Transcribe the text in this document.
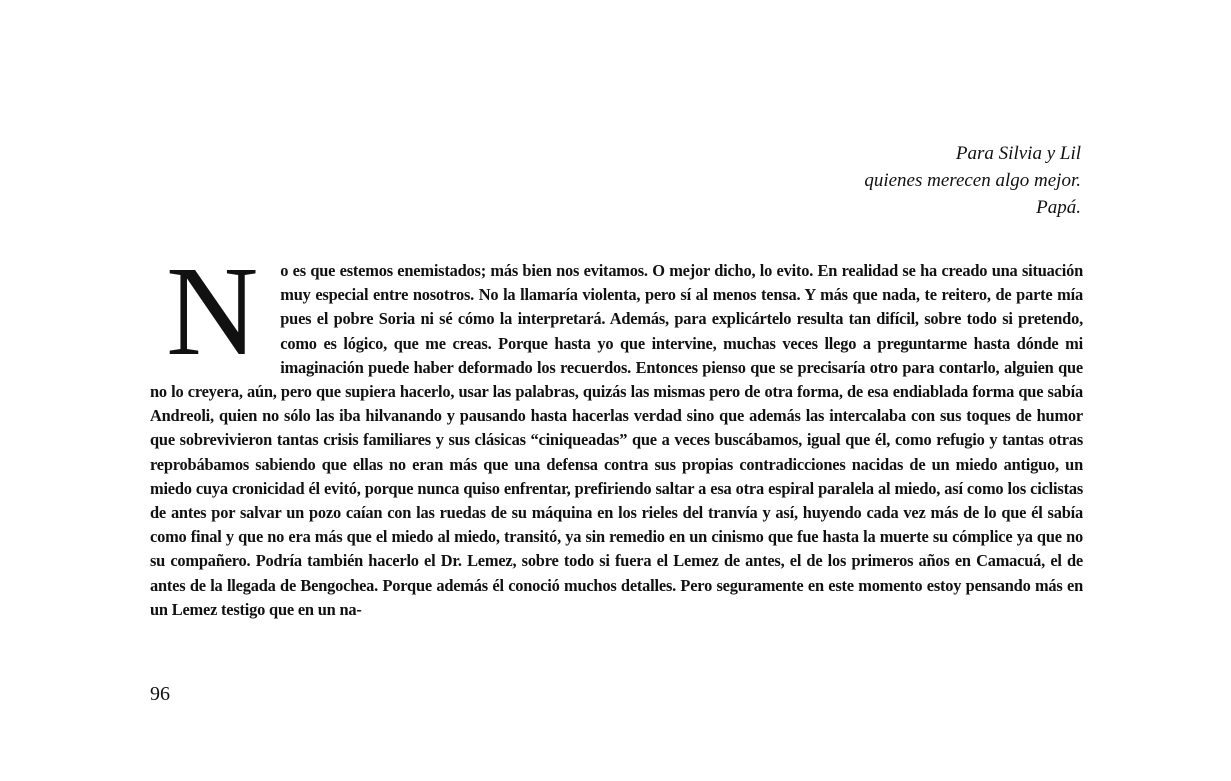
Para Silvia y Lil
quienes merecen algo mejor.
Papá.
N o es que estemos enemistados; más bien nos evitamos. O mejor dicho, lo evito. En realidad se ha creado una situación muy especial entre nosotros. No la llamaría violenta, pero sí al menos tensa. Y más que nada, te reitero, de parte mía pues el pobre Soria ni sé cómo la interpretará. Además, para explicártelo resulta tan difícil, sobre todo si pretendo, como es lógico, que me creas. Porque hasta yo que intervine, muchas veces llego a preguntarme hasta dónde mi imaginación puede haber deformado los recuerdos. Entonces pienso que se precisaría otro para contarlo, alguien que no lo creyera, aún, pero que supiera hacerlo, usar las palabras, quizás las mismas pero de otra forma, de esa endiablada forma que sabía Andreoli, quien no sólo las iba hilvanando y pausando hasta hacerlas verdad sino que además las intercalaba con sus toques de humor que sobrevivieron tantas crisis familiares y sus clásicas “ciniqueadas” que a veces buscábamos, igual que él, como refugio y tantas otras reprobábamos sabiendo que ellas no eran más que una defensa contra sus propias contradicciones nacidas de un miedo antiguo, un miedo cuya cronicidad él evitó, porque nunca quiso enfrentar, prefiriendo saltar a esa otra espiral paralela al miedo, así como los ciclistas de antes por salvar un pozo caían con las ruedas de su máquina en los rieles del tranvía y así, huyendo cada vez más de lo que él sabía como final y que no era más que el miedo al miedo, transitó, ya sin remedio en un cinismo que fue hasta la muerte su cómplice ya que no su compañero. Podría también hacerlo el Dr. Lemez, sobre todo si fuera el Lemez de antes, el de los primeros años en Camacuá, el de antes de la llegada de Bengochea. Porque además él conoció muchos detalles. Pero seguramente en este momento estoy pensando más en un Lemez testigo que en un na-
96
